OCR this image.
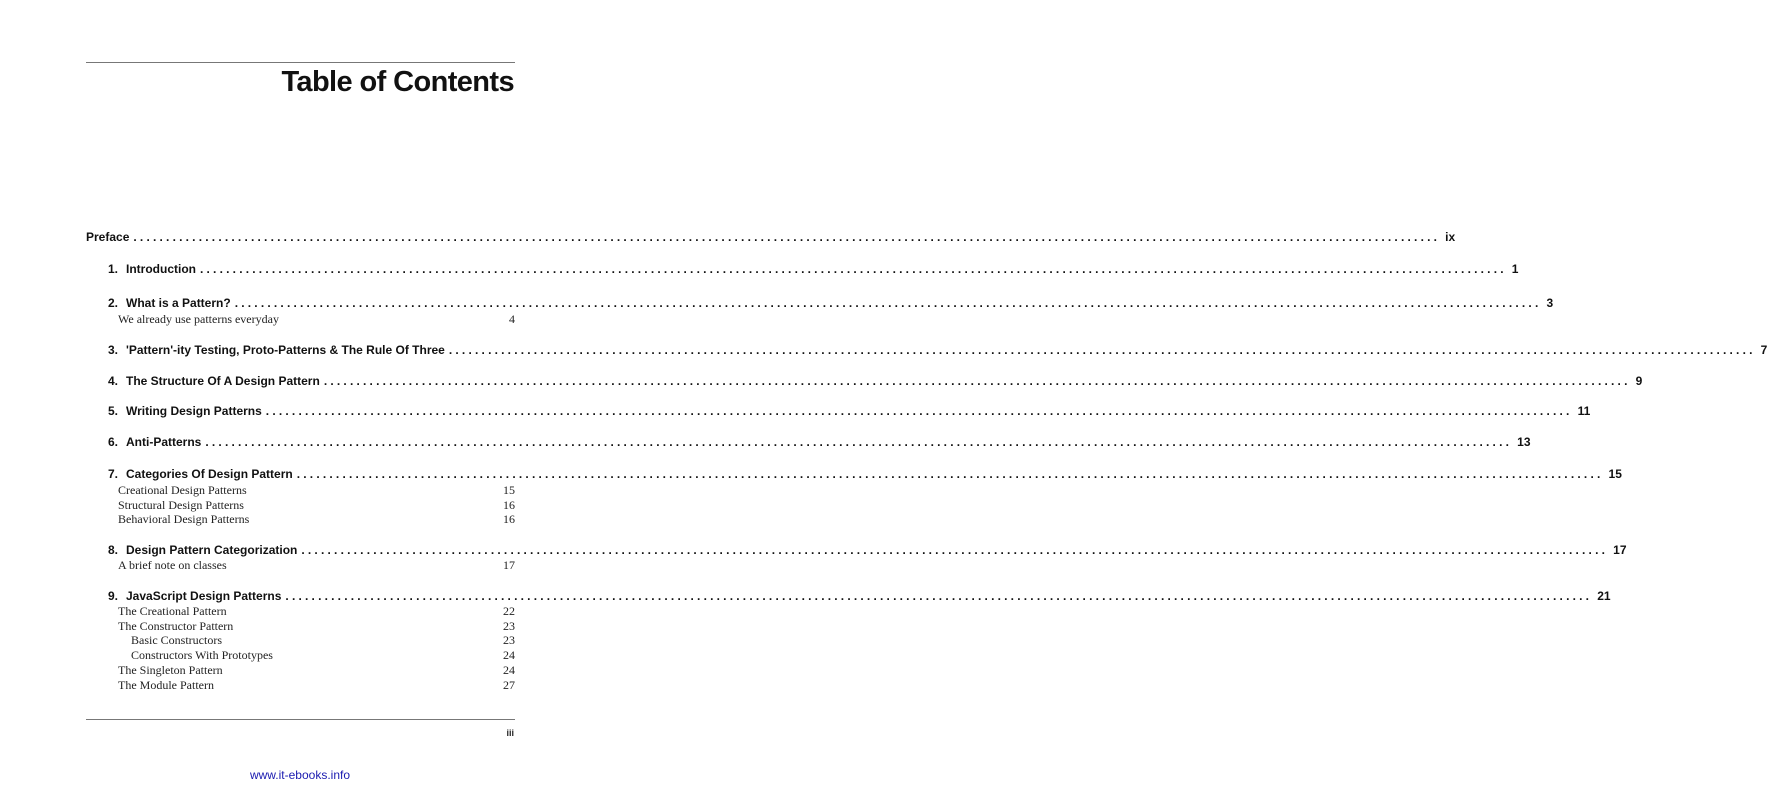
Table of Contents
Preface ........................................................................................................................................................................................................ ix
1. Introduction ........................................................................................................................................................................................................ 1
2. What is a Pattern? ........................................................................................................................................................................................................ 3
We already use patterns everyday	4
3. 'Pattern'-ity Testing, Proto-Patterns & The Rule Of Three ........................................................................................................................................................................................................ 7
4. The Structure Of A Design Pattern ........................................................................................................................................................................................................ 9
5. Writing Design Patterns ........................................................................................................................................................................................................ 11
6. Anti-Patterns ........................................................................................................................................................................................................ 13
7. Categories Of Design Pattern ........................................................................................................................................................................................................ 15
Creational Design Patterns	15
Structural Design Patterns	16
Behavioral Design Patterns	16
8. Design Pattern Categorization ........................................................................................................................................................................................................ 17
A brief note on classes	17
9. JavaScript Design Patterns ........................................................................................................................................................................................................ 21
The Creational Pattern	22
The Constructor Pattern	23
Basic Constructors	23
Constructors With Prototypes	24
The Singleton Pattern	24
The Module Pattern	27
iii
www.it-ebooks.info
